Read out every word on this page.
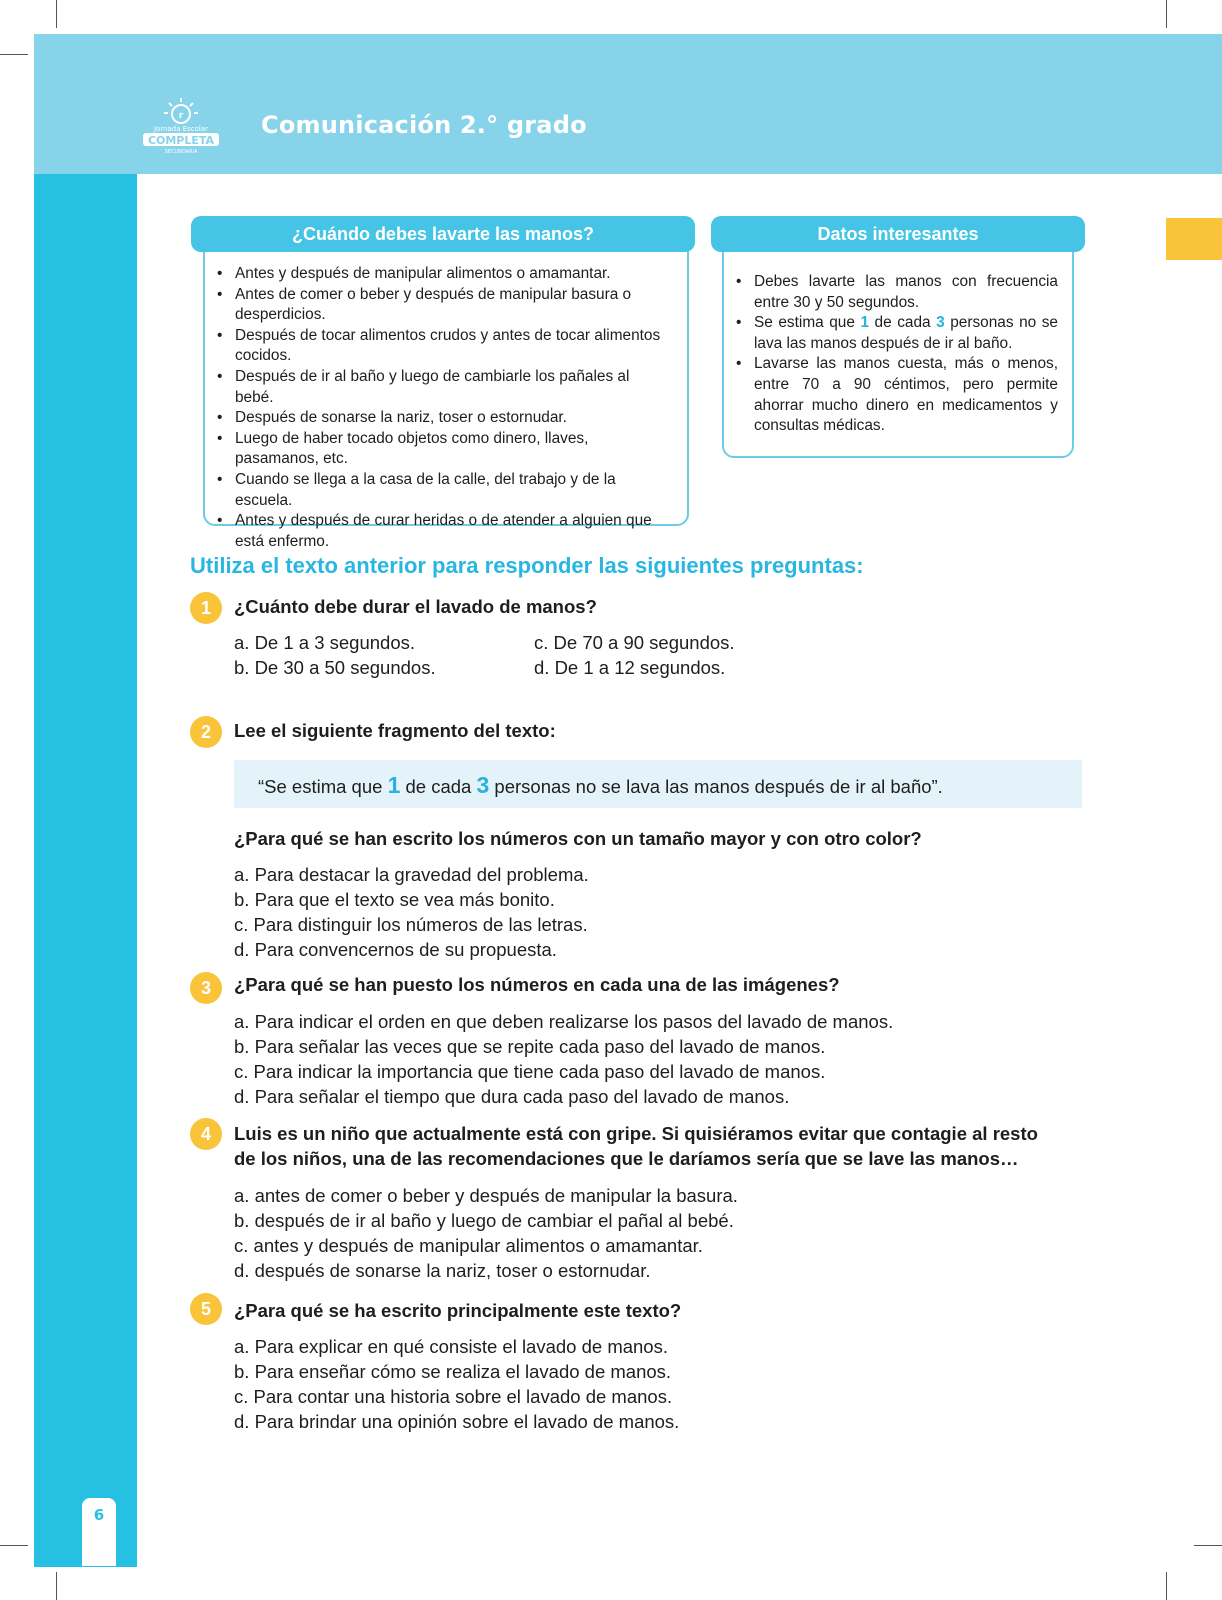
r
Jornada Escolar
COMPLETA
SECUNDARIA
Comunicación 2.° grado
• Antes y después de manipular alimentos o amamantar.
• Antes de comer o beber y después de manipular basura o desperdicios.
• Después de tocar alimentos crudos y antes de tocar alimentos cocidos.
• Después de ir al baño y luego de cambiarle los pañales al bebé.
• Después de sonarse la nariz, toser o estornudar.
• Luego de haber tocado objetos como dinero, llaves, pasamanos, etc.
• Cuando se llega a la casa de la calle, del trabajo y de la escuela.
• Antes y después de curar heridas o de atender a alguien que está enfermo.
¿Cuándo debes lavarte las manos?
• Debes lavarte las manos con frecuencia entre 30 y 50 segundos.
• Se estima que 1 de cada 3 personas no se lava las manos después de ir al baño.
• Lavarse las manos cuesta, más o menos, entre 70 a 90 céntimos, pero permite ahorrar mucho dinero en medicamentos y consultas médicas.
Datos interesantes
Utiliza el texto anterior para responder las siguientes preguntas:
1	¿Cuánto debe durar el lavado de manos?
a. De 1 a 3 segundos.
b. De 30 a 50 segundos.
c. De 70 a 90 segundos.
d. De 1 a 12 segundos.
2	Lee el siguiente fragmento del texto:
“Se estima que 1 de cada 3 personas no se lava las manos después de ir al baño”.
¿Para qué se han escrito los números con un tamaño mayor y con otro color?
a. Para destacar la gravedad del problema.
b. Para que el texto se vea más bonito.
c. Para distinguir los números de las letras.
d. Para convencernos de su propuesta.
3	¿Para qué se han puesto los números en cada una de las imágenes?
a. Para indicar el orden en que deben realizarse los pasos del lavado de manos.
b. Para señalar las veces que se repite cada paso del lavado de manos.
c. Para indicar la importancia que tiene cada paso del lavado de manos.
d. Para señalar el tiempo que dura cada paso del lavado de manos.
4	Luis es un niño que actualmente está con gripe. Si quisiéramos evitar que contagie al resto
de los niños, una de las recomendaciones que le daríamos sería que se lave las manos…
a. antes de comer o beber y después de manipular la basura.
b. después de ir al baño y luego de cambiar el pañal al bebé.
c. antes y después de manipular alimentos o amamantar.
d. después de sonarse la nariz, toser o estornudar.
5	¿Para qué se ha escrito principalmente este texto?
a. Para explicar en qué consiste el lavado de manos.
b. Para enseñar cómo se realiza el lavado de manos.
c. Para contar una historia sobre el lavado de manos.
d. Para brindar una opinión sobre el lavado de manos.
6
